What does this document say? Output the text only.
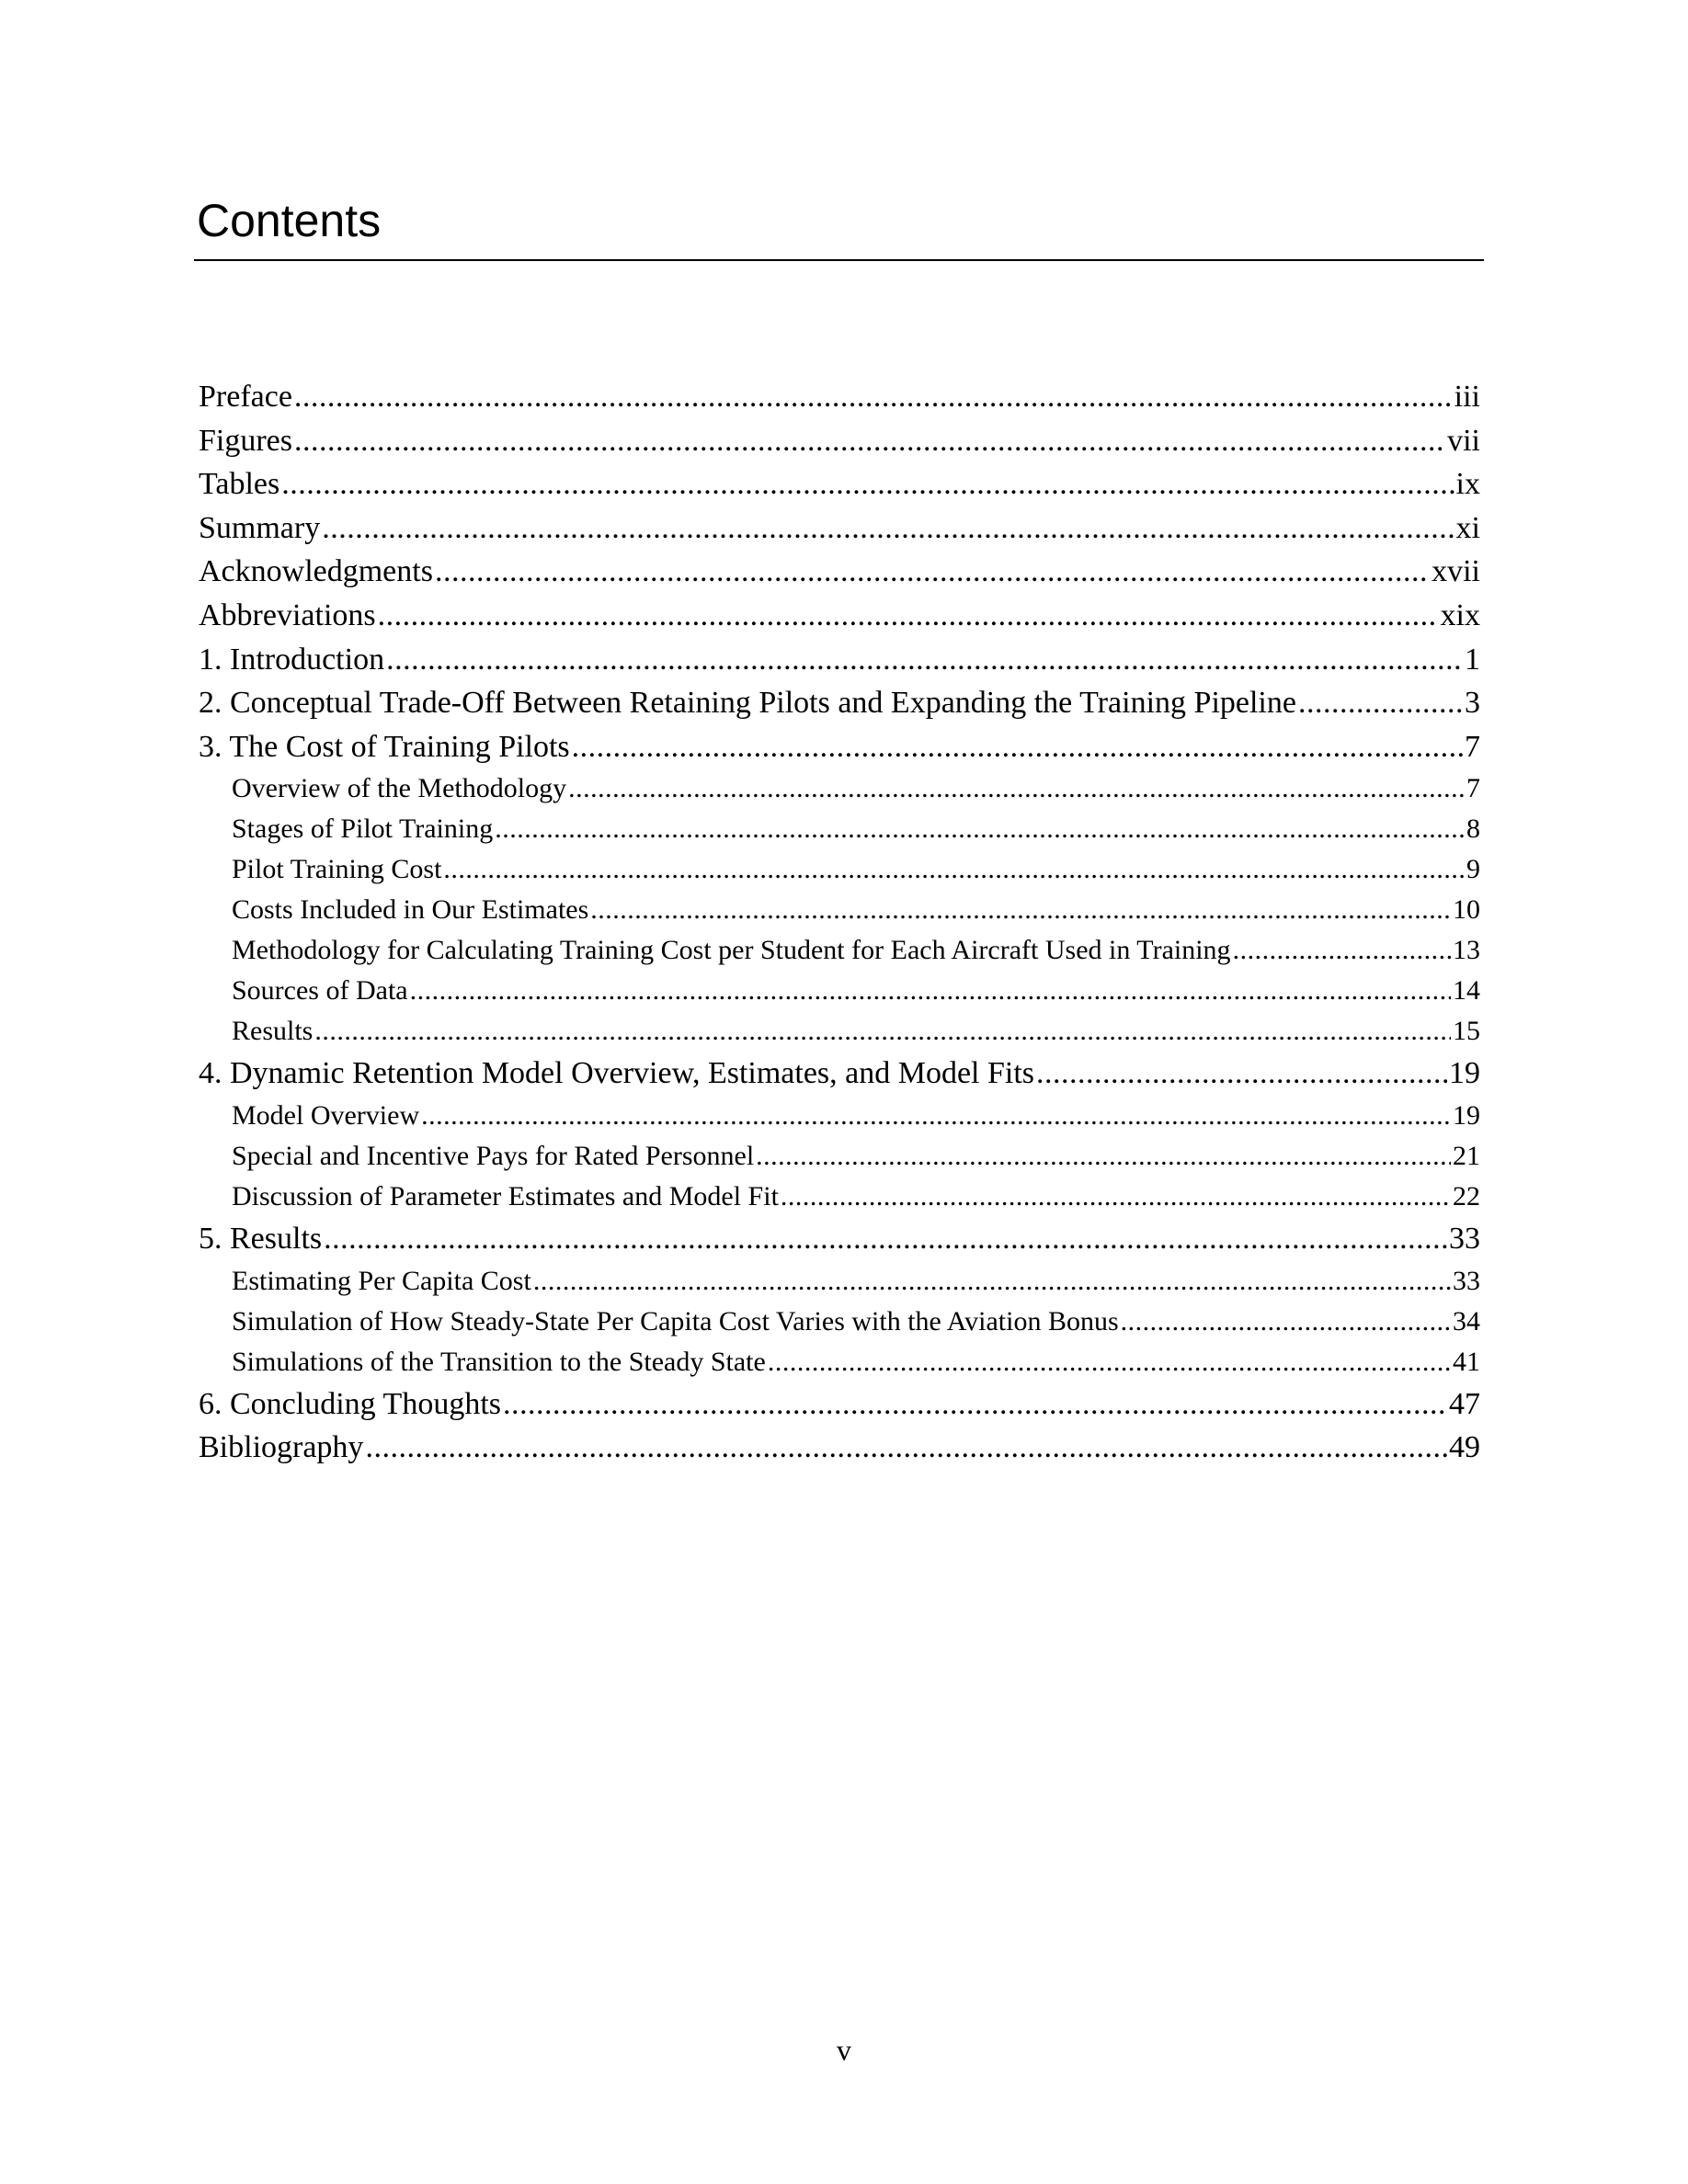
Contents
Preface .....	iii
Figures .....	vii
Tables .....	ix
Summary .....	xi
Acknowledgments .....	xvii
Abbreviations .....	xix
1. Introduction .....	1
2. Conceptual Trade-Off Between Retaining Pilots and Expanding the Training Pipeline .....	3
3. The Cost of Training Pilots .....	7
Overview of the Methodology .....	7
Stages of Pilot Training .....	8
Pilot Training Cost .....	9
Costs Included in Our Estimates .....	10
Methodology for Calculating Training Cost per Student for Each Aircraft Used in Training .....	13
Sources of Data .....	14
Results .....	15
4. Dynamic Retention Model Overview, Estimates, and Model Fits .....	19
Model Overview .....	19
Special and Incentive Pays for Rated Personnel .....	21
Discussion of Parameter Estimates and Model Fit .....	22
5. Results .....	33
Estimating Per Capita Cost .....	33
Simulation of How Steady-State Per Capita Cost Varies with the Aviation Bonus .....	34
Simulations of the Transition to the Steady State .....	41
6. Concluding Thoughts .....	47
Bibliography .....	49
v
